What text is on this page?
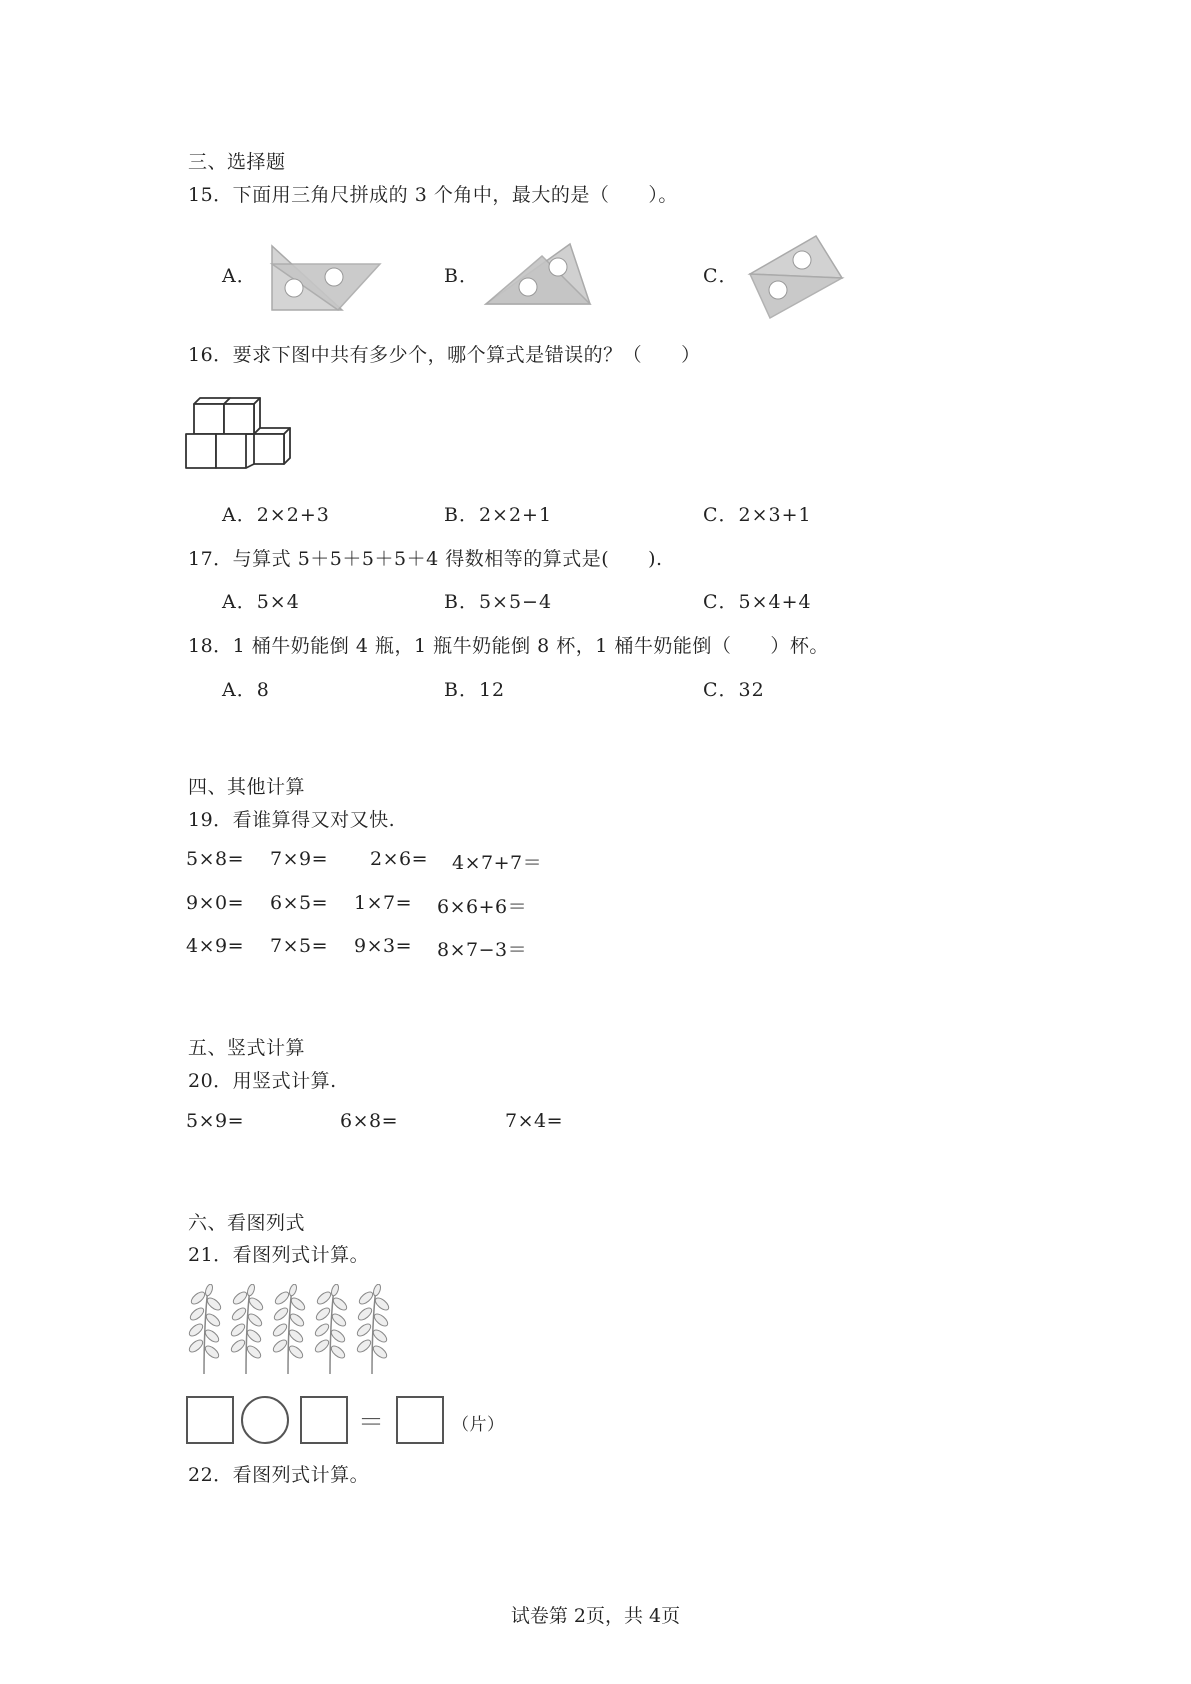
三、选择题
15．下面用三角尺拼成的 3 个角中，最大的是（　　）。
A．	B．	C．
16．要求下图中共有多少个，哪个算式是错误的？（　　）
A．2×2+3	B．2×2+1	C．2×3+1
17．与算式 5＋5＋5＋5＋4 得数相等的算式是(　　).
A．5×4	B．5×5−4	C．5×4+4
18．1 桶牛奶能倒 4 瓶，1 瓶牛奶能倒 8 杯，1 桶牛奶能倒（　　）杯。
A．8	B．12	C．32
四、其他计算
19．看谁算得又对又快.
5×8= 7×9= 2×6= 4×7+7＝
9×0= 6×5= 1×7= 6×6+6＝
4×9= 7×5= 9×3= 8×7−3＝
五、竖式计算
20．用竖式计算.
5×9=	6×8=	7×4=
六、看图列式
21．看图列式计算。
＝	（片）
22．看图列式计算。
试卷第 2页，共 4页
